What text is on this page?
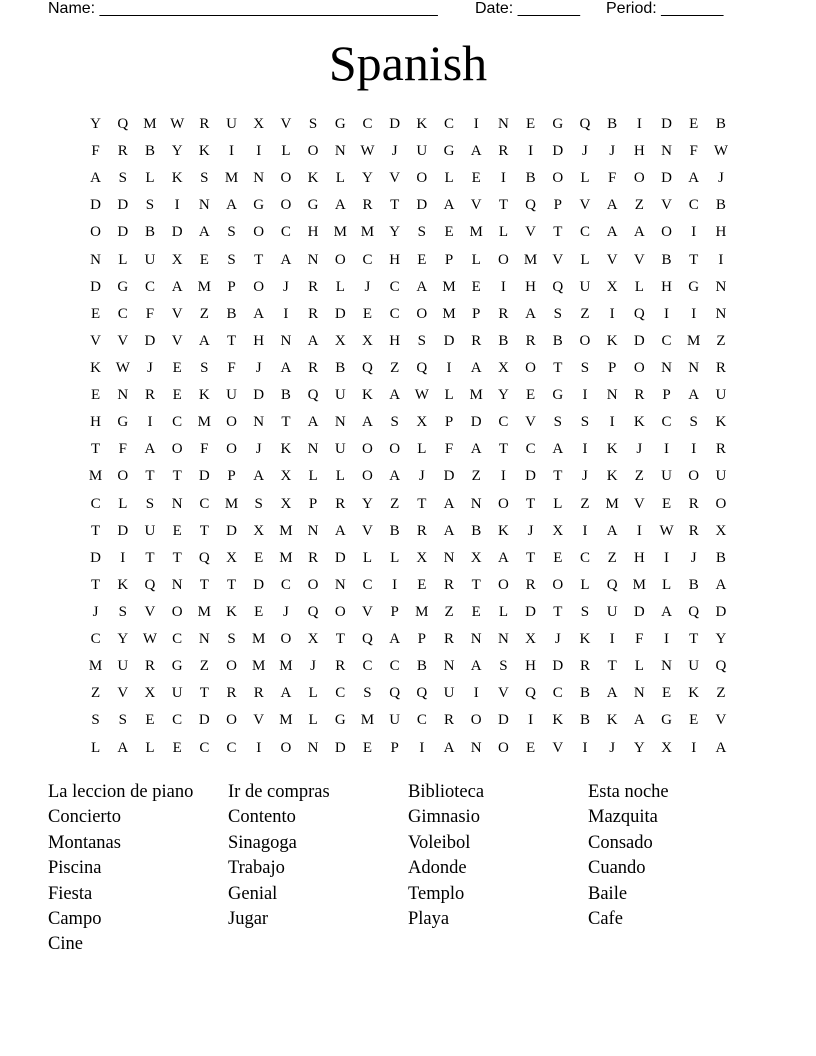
Name: ______________________________________ Date: _______ Period: _______
Spanish
Y	Q	M W	R	U	X	V	S	G	C	D	K	C	I	N	E	G	Q	B	I	D	E	B
F	R	B	Y	K	I	I	L	O	N W	J	U	G	A	R	I	D	J	J	H	N	F	W
A	S	L	K	S	M	N	O	K	L	Y	V	O	L	E	I	B	O	L	F	O	D	A	J
D	D	S	I	N	A	G	O	G	A	R	T	D	A	V	T	Q	P	V	A	Z	V	C	B
O	D	B	D	A	S	O	C	H	M M	Y	S	E	M	L	V	T	C	A	A	O	I	H
N	L	U	X	E	S	T	A	N	O	C	H	E	P	L	O	M	V	L	V	V	B	T	I
D	G	C	A	M	P	O	J	R	L	J	C	A	M	E	I	H	Q	U	X	L	H	G	N
E	C	F	V	Z	B	A	I	R	D	E	C	O	M	P	R	A	S	Z	I	Q	I	I	N
V	V	D	V	A	T	H	N	A	X	X	H	S	D	R	B	R	B	O	K	D	C	M	Z
K W	J	E	S	F	J	A	R	B	Q	Z	Q	I	A	X	O	T	S	P	O	N	N	R
E	N	R	E	K	U	D	B	Q	U	K	A W	L	M	Y	E	G	I	N	R	P	A	U
H	G	I	C	M	O	N	T	A	N	A	S	X	P	D	C	V	S	S	I	K	C	S	K
T	F	A	O	F	O	J	K	N	U	O	O	L	F	A	T	C	A	I	K	J	I	I	R
M	O	T	T	D	P	A	X	L	L	O	A	J	D	Z	I	D	T	J	K	Z	U	O	U
C	L	S	N	C	M	S	X	P	R	Y	Z	T	A	N	O	T	L	Z	M	V	E	R	O
T	D	U	E	T	D	X	M	N	A	V	B	R	A	B	K	J	X	I	A	I	W	R	X
D	I	T	T	Q	X	E	M	R	D	L	L	X	N	X	A	T	E	C	Z	H	I	J	B
T	K	Q	N	T	T	D	C	O	N	C	I	E	R	T	O	R	O	L	Q	M	L	B	A
J	S	V	O	M	K	E	J	Q	O	V	P	M	Z	E	L	D	T	S	U	D	A	Q	D
C	Y W	C	N	S	M	O	X	T	Q	A	P	R	N	N	X	J	K	I	F	I	T	Y
M	U	R	G	Z	O	M M	J	R	C	C	B	N	A	S	H	D	R	T	L	N	U	Q
Z	V	X	U	T	R	R	A	L	C	S	Q	Q	U	I	V	Q	C	B	A	N	E	K	Z
S	S	E	C	D	O	V	M	L	G	M	U	C	R	O	D	I	K	B	K	A	G	E	V
L	A	L	E	C	C	I	O	N	D	E	P	I	A	N	O	E	V	I	J	Y	X	I	A
La leccion de piano
Concierto
Montanas
Piscina
Fiesta
Campo
Cine
Ir de compras
Contento
Sinagoga
Trabajo
Genial
Jugar
Biblioteca
Gimnasio
Voleibol
Adonde
Templo
Playa
Esta noche
Mazquita
Consado
Cuando
Baile
Cafe
